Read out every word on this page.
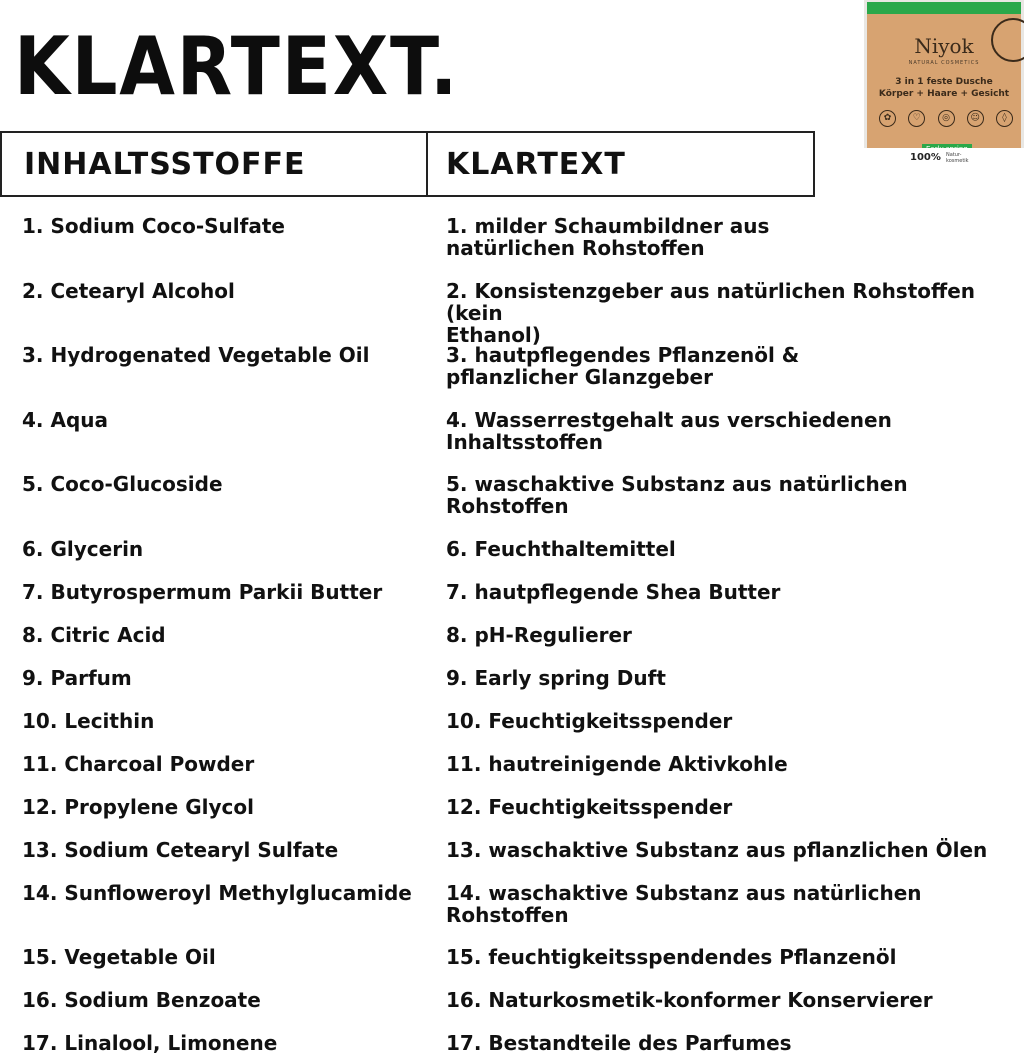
KLARTEXT.
INHALTSSTOFFE	KLARTEXT
1. Sodium Coco-Sulfate	1. milder Schaumbildner aus
natürlichen Rohstoffen
2. Cetearyl Alcohol	2. Konsistenzgeber aus natürlichen Rohstoffen (kein
Ethanol)
3. Hydrogenated Vegetable Oil	3. hautpflegendes Pflanzenöl &
pflanzlicher Glanzgeber
4. Aqua	4. Wasserrestgehalt aus verschiedenen
Inhaltsstoffen
5. Coco-Glucoside	5. waschaktive Substanz aus natürlichen
Rohstoffen
6. Glycerin	6. Feuchthaltemittel
7. Butyrospermum Parkii Butter	7. hautpflegende Shea Butter
8. Citric Acid	8. pH-Regulierer
9. Parfum	9. Early spring Duft
10. Lecithin	10. Feuchtigkeitsspender
11. Charcoal Powder	11. hautreinigende Aktivkohle
12. Propylene Glycol	12. Feuchtigkeitsspender
13. Sodium Cetearyl Sulfate	13. waschaktive Substanz aus pflanzlichen Ölen
14. Sunfloweroyl Methylglucamide	14. waschaktive Substanz aus natürlichen
Rohstoffen
15. Vegetable Oil	15. feuchtigkeitsspendendes Pflanzenöl
16. Sodium Benzoate	16. Naturkosmetik-konformer Konservierer
17. Linalool, Limonene	17. Bestandteile des Parfumes
Niyok
NATURAL COSMETICS
3 in 1 feste Dusche
Körper + Haare + Gesicht
✿	♡	◎	☺	◊
100% Natur-
kosmetik
